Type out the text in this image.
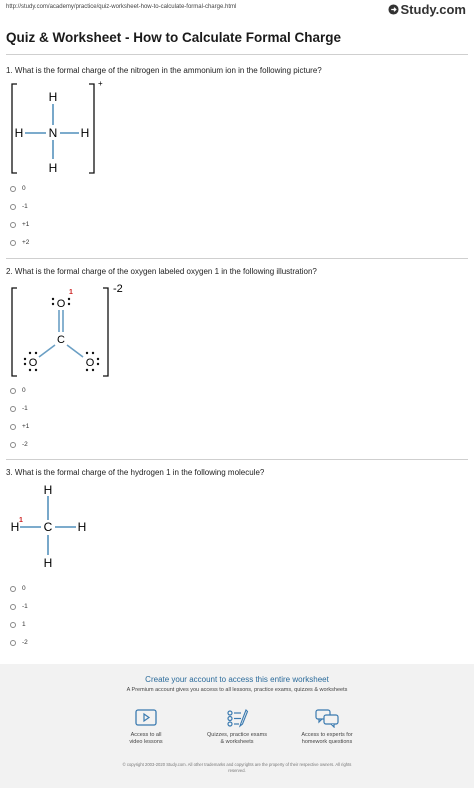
http://study.com/academy/practice/quiz-worksheet-how-to-calculate-formal-charge.html	Study.com
Quiz & Worksheet - How to Calculate Formal Charge
1. What is the formal charge of the nitrogen in the ammonium ion in the following picture?
H
H N H
H
+
0
-1
+1
+2
2. What is the formal charge of the oxygen labeled oxygen 1 in the following illustration?
O
C
O	O
1	-2
0
-1
+1
-2
3. What is the formal charge of the hydrogen 1 in the following molecule?
H
H C H
H
1
0
-1
1
-2
Create your account to access this entire worksheet
A Premium account gives you access to all lessons, practice exams, quizzes & worksheets
Access to all
video lessons
Quizzes, practice exams
& worksheets
Access to experts for
homework questions
© copyright 2003-2020 Study.com. All other trademarks and copyrights are the property of their respective owners. All rights
reserved.
